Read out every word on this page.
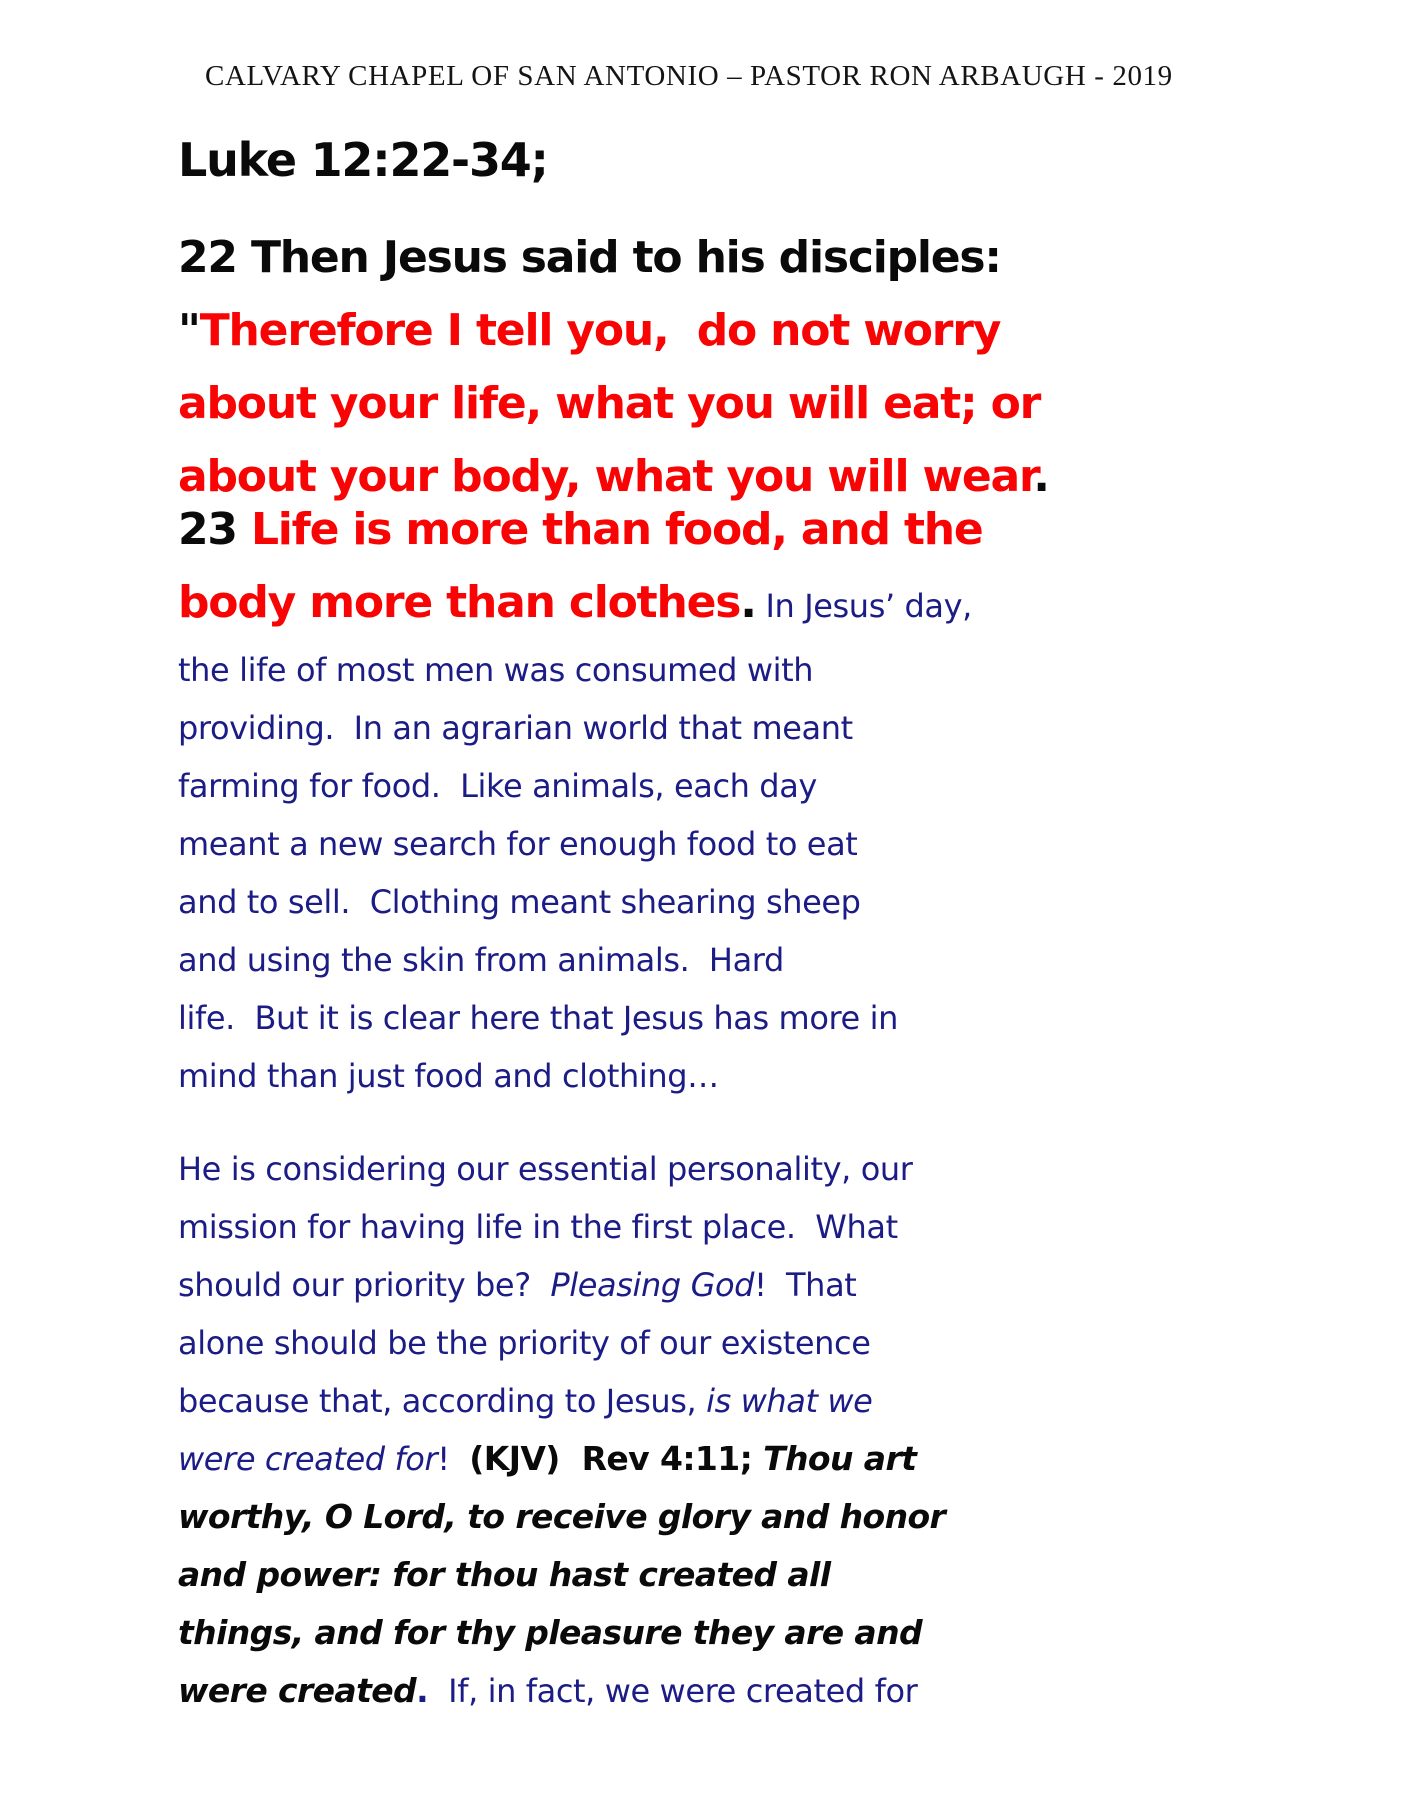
CALVARY CHAPEL OF SAN ANTONIO – PASTOR RON ARBAUGH - 2019
Luke 12:22-34;
22 Then Jesus said to his disciples:
"Therefore I tell you,  do not worry
about your life, what you will eat; or
about your body, what you will wear.
23 Life is more than food, and the
body more than clothes. In Jesus’ day,
the life of most men was consumed with
providing.  In an agrarian world that meant
farming for food.  Like animals, each day
meant a new search for enough food to eat
and to sell.  Clothing meant shearing sheep
and using the skin from animals.  Hard
life.  But it is clear here that Jesus has more in
mind than just food and clothing…
He is considering our essential personality, our
mission for having life in the first place.  What
should our priority be?  Pleasing God!  That
alone should be the priority of our existence
because that, according to Jesus, is what we
were created for!  (KJV)  Rev 4:11; Thou art
worthy, O Lord, to receive glory and honor
and power: for thou hast created all
things, and for thy pleasure they are and
were created.  If, in fact, we were created for
